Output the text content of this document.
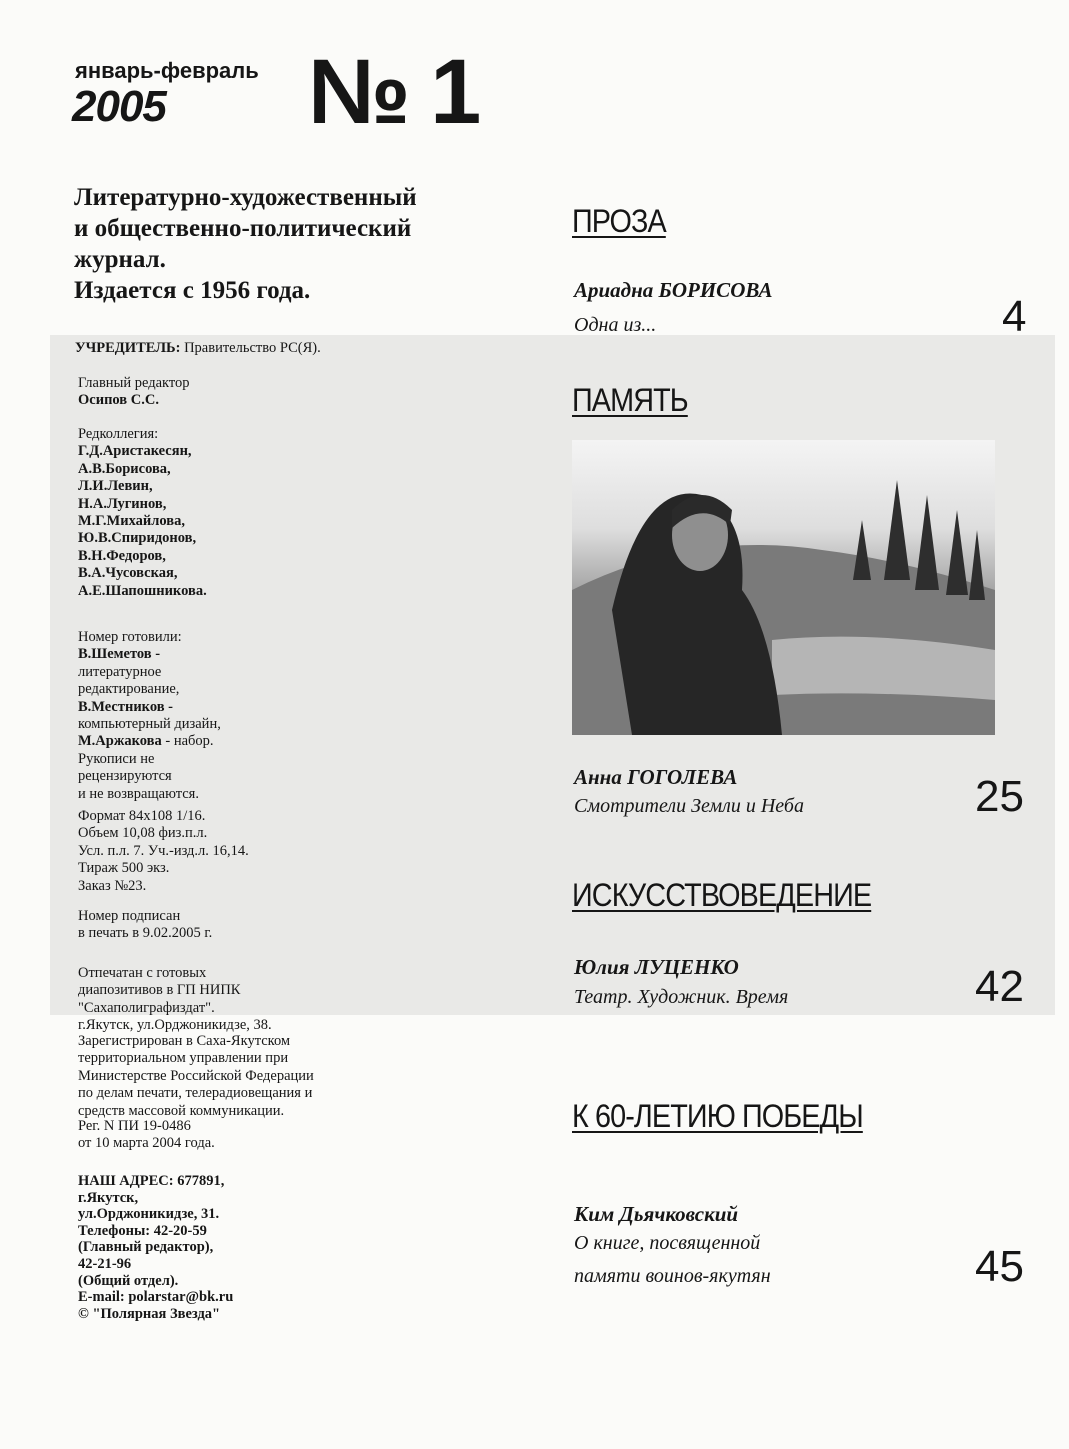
январь-февраль
2005 № 1
Литературно-художественный
и общественно-политический
журнал.
Издается с 1956 года.
УЧРЕДИТЕЛЬ: Правительство РС(Я).
Главный редактор
Осипов С.С.
Редколлегия:
Г.Д.Аристакесян,
А.В.Борисова,
Л.И.Левин,
Н.А.Лугинов,
М.Г.Михайлова,
Ю.В.Спиридонов,
В.Н.Федоров,
В.А.Чусовская,
А.Е.Шапошникова.
Номер готовили:
В.Шеметов -
литературное
редактирование,
В.Местников -
компьютерный дизайн,
М.Аржакова - набор.
Рукописи не
рецензируются
и не возвращаются.
Формат 84х108 1/16.
Объем 10,08 физ.п.л.
Усл. п.л. 7. Уч.-изд.л. 16,14.
Тираж 500 экз.
Заказ №23.
Номер подписан
в печать в 9.02.2005 г.
Отпечатан с готовых
диапозитивов в ГП НИПК
"Сахаполиграфиздат".
г.Якутск, ул.Орджоникидзе, 38.
Зарегистрирован в Саха-Якутском
территориальном управлении при
Министерстве Российской Федерации
по делам печати, телерадиовещания и
средств массовой коммуникации.
Рег. N ПИ 19-0486
от 10 марта 2004 года.
НАШ АДРЕС: 677891,
г.Якутск,
ул.Орджоникидзе, 31.
Телефоны: 42-20-59
(Главный редактор),
42-21-96
(Общий отдел).
E-mail: polarstar@bk.ru
© "Полярная Звезда"
ПРОЗА
Ариадна БОРИСОВА
Одна из...	4
ПАМЯТЬ
Анна ГОГОЛЕВА
Смотрители Земли и Неба	25
ИСКУССТВОВЕДЕНИЕ
Юлия ЛУЦЕНКО
Театр. Художник. Время	42
К 60-ЛЕТИЮ ПОБЕДЫ
Ким Дьячковский
О книге, посвященной
памяти воинов-якутян	45
